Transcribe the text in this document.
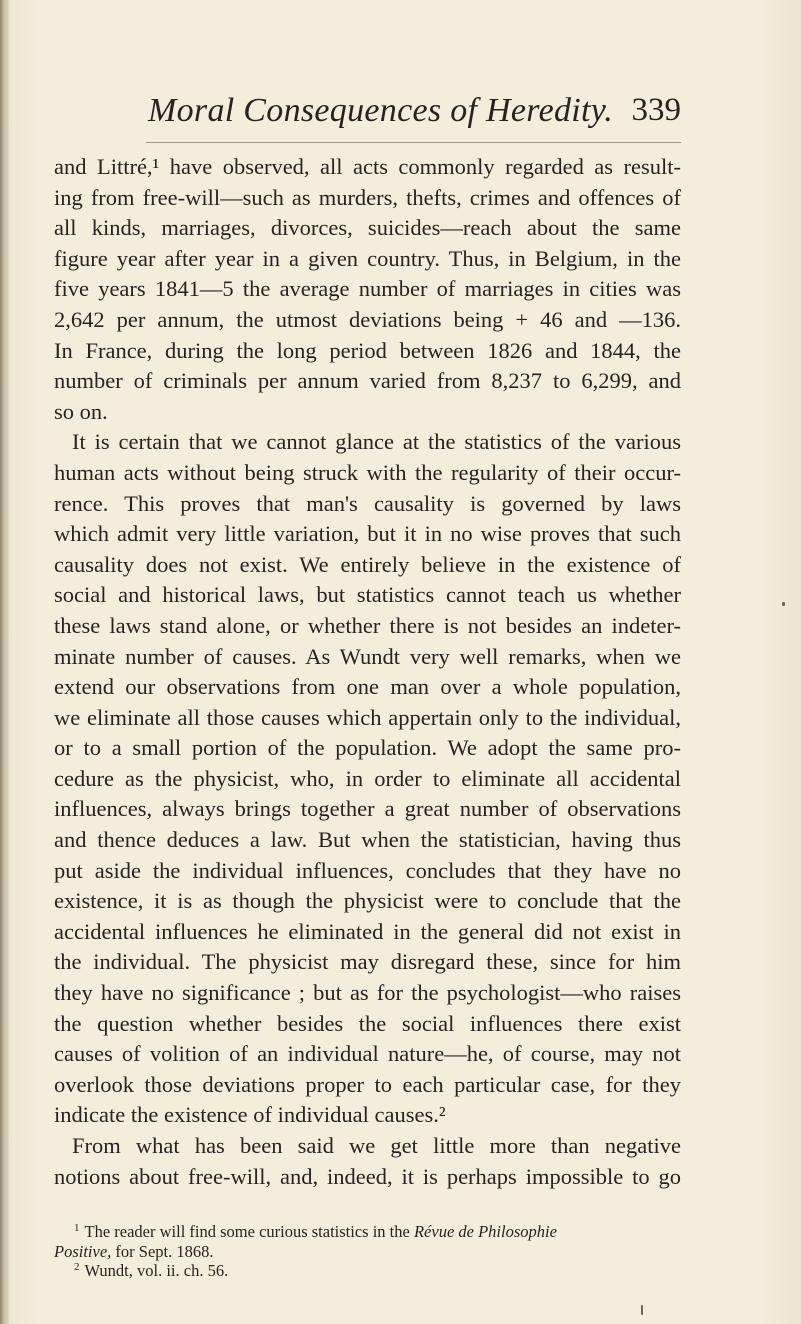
Moral Consequences of Heredity. 339
and Littré,¹ have observed, all acts commonly regarded as result-
ing from free-will—such as murders, thefts, crimes and offences of
all kinds, marriages, divorces, suicides—reach about the same
figure year after year in a given country. Thus, in Belgium, in the
five years 1841—5 the average number of marriages in cities was
2,642 per annum, the utmost deviations being + 46 and —136.
In France, during the long period between 1826 and 1844, the
number of criminals per annum varied from 8,237 to 6,299, and
so on.
It is certain that we cannot glance at the statistics of the various
human acts without being struck with the regularity of their occur-
rence. This proves that man's causality is governed by laws
which admit very little variation, but it in no wise proves that such
causality does not exist. We entirely believe in the existence of
social and historical laws, but statistics cannot teach us whether
these laws stand alone, or whether there is not besides an indeter-
minate number of causes. As Wundt very well remarks, when we
extend our observations from one man over a whole population,
we eliminate all those causes which appertain only to the individual,
or to a small portion of the population. We adopt the same pro-
cedure as the physicist, who, in order to eliminate all accidental
influences, always brings together a great number of observations
and thence deduces a law. But when the statistician, having thus
put aside the individual influences, concludes that they have no
existence, it is as though the physicist were to conclude that the
accidental influences he eliminated in the general did not exist in
the individual. The physicist may disregard these, since for him
they have no significance ; but as for the psychologist—who raises
the question whether besides the social influences there exist
causes of volition of an individual nature—he, of course, may not
overlook those deviations proper to each particular case, for they
indicate the existence of individual causes.²
From what has been said we get little more than negative
notions about free-will, and, indeed, it is perhaps impossible to go
$^1$ The reader will find some curious statistics in the Révue de Philosophie
Positive, for Sept. 1868.
$^2$ Wundt, vol. ii. ch. 56.
